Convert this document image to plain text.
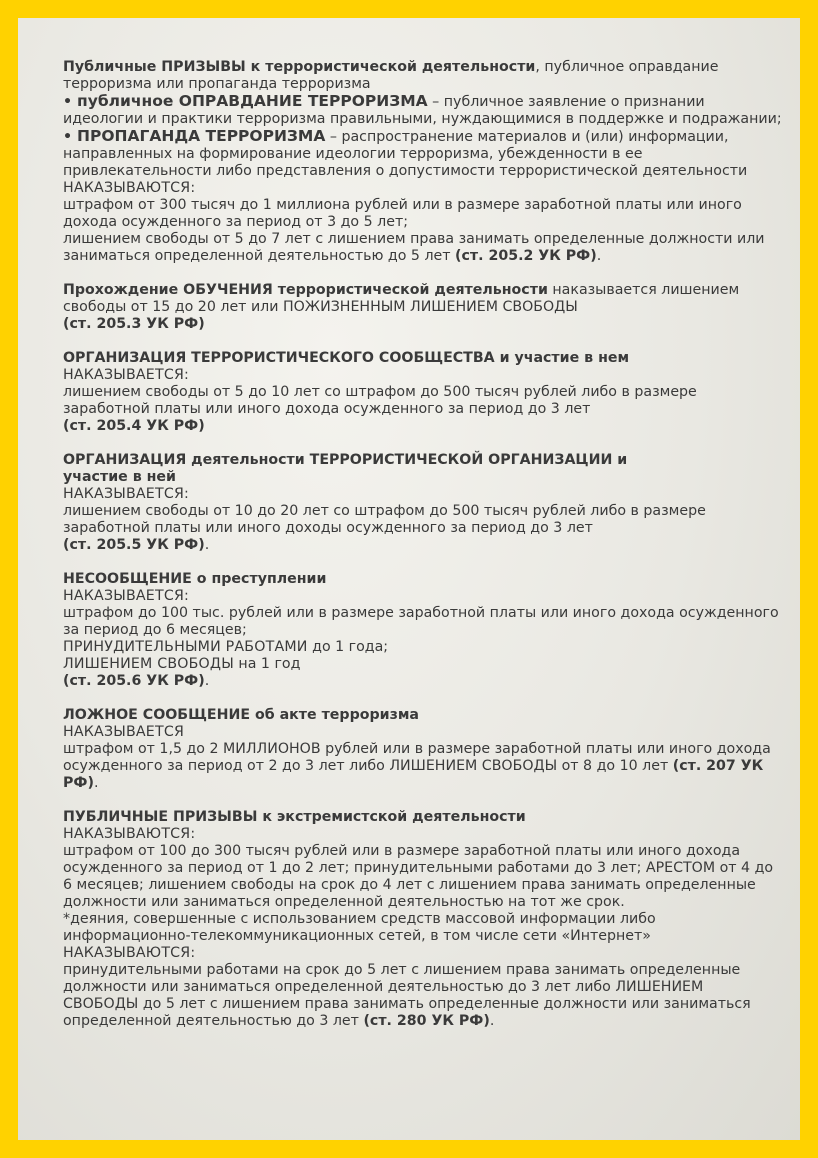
Публичные ПРИЗЫВЫ к террористической деятельности, публичное оправдание терроризма или пропаганда терроризма

• публичное ОПРАВДАНИЕ ТЕРРОРИЗМА – публичное заявление о признании идеологии и практики терроризма правильными, нуждающимися в поддержке и подражании;

• ПРОПАГАНДА ТЕРРОРИЗМА – распространение материалов и (или) информации, направленных на формирование идеологии терроризма, убежденности в ее привлекательности либо представления о допустимости террористической деятельности

НАКАЗЫВАЮТСЯ:

штрафом от 300 тысяч до 1 миллиона рублей или в размере заработной платы или иного дохода осужденного за период от 3 до 5 лет;

лишением свободы от 5 до 7 лет с лишением права занимать определенные должности или заниматься определенной деятельностью до 5 лет (ст. 205.2 УК РФ).

Прохождение ОБУЧЕНИЯ террористической деятельности наказывается лишением свободы от 15 до 20 лет или ПОЖИЗНЕННЫМ ЛИШЕНИЕМ СВОБОДЫ

(ст. 205.3 УК РФ)

ОРГАНИЗАЦИЯ ТЕРРОРИСТИЧЕСКОГО СООБЩЕСТВА и участие в нем

НАКАЗЫВАЕТСЯ:

лишением свободы от 5 до 10 лет со штрафом до 500 тысяч рублей либо в размере заработной платы или иного дохода осужденного за период до 3 лет

(ст. 205.4 УК РФ)

ОРГАНИЗАЦИЯ деятельности ТЕРРОРИСТИЧЕСКОЙ ОРГАНИЗАЦИИ и участие в ней

НАКАЗЫВАЕТСЯ:

лишением свободы от 10 до 20 лет со штрафом до 500 тысяч рублей либо в размере заработной платы или иного доходы осужденного за период до 3 лет

(ст. 205.5 УК РФ).

НЕСООБЩЕНИЕ о преступлении

НАКАЗЫВАЕТСЯ:

штрафом до 100 тыс. рублей или в размере заработной платы или иного дохода осужденного за период до 6 месяцев;

ПРИНУДИТЕЛЬНЫМИ РАБОТАМИ до 1 года;

ЛИШЕНИЕМ СВОБОДЫ на 1 год

(ст. 205.6 УК РФ).

ЛОЖНОЕ СООБЩЕНИЕ об акте терроризма

НАКАЗЫВАЕТСЯ

штрафом от 1,5 до 2 МИЛЛИОНОВ рублей или в размере заработной платы или иного дохода осужденного за период от 2 до 3 лет либо ЛИШЕНИЕМ СВОБОДЫ от 8 до 10 лет (ст. 207 УК РФ).

ПУБЛИЧНЫЕ ПРИЗЫВЫ к экстремистской деятельности

НАКАЗЫВАЮТСЯ:

штрафом от 100 до 300 тысяч рублей или в размере заработной платы или иного дохода осужденного за период от 1 до 2 лет; принудительными работами до 3 лет; АРЕСТОМ от 4 до 6 месяцев; лишением свободы на срок до 4 лет с лишением права занимать определенные должности или заниматься определенной деятельностью на тот же срок.

*деяния, совершенные с использованием средств массовой информации либо информационно-телекоммуникационных сетей, в том числе сети «Интернет»

НАКАЗЫВАЮТСЯ:

принудительными работами на срок до 5 лет с лишением права занимать определенные должности или заниматься определенной деятельностью до 3 лет либо ЛИШЕНИЕМ СВОБОДЫ до 5 лет с лишением права занимать определенные должности или заниматься определенной деятельностью до 3 лет (ст. 280 УК РФ).
